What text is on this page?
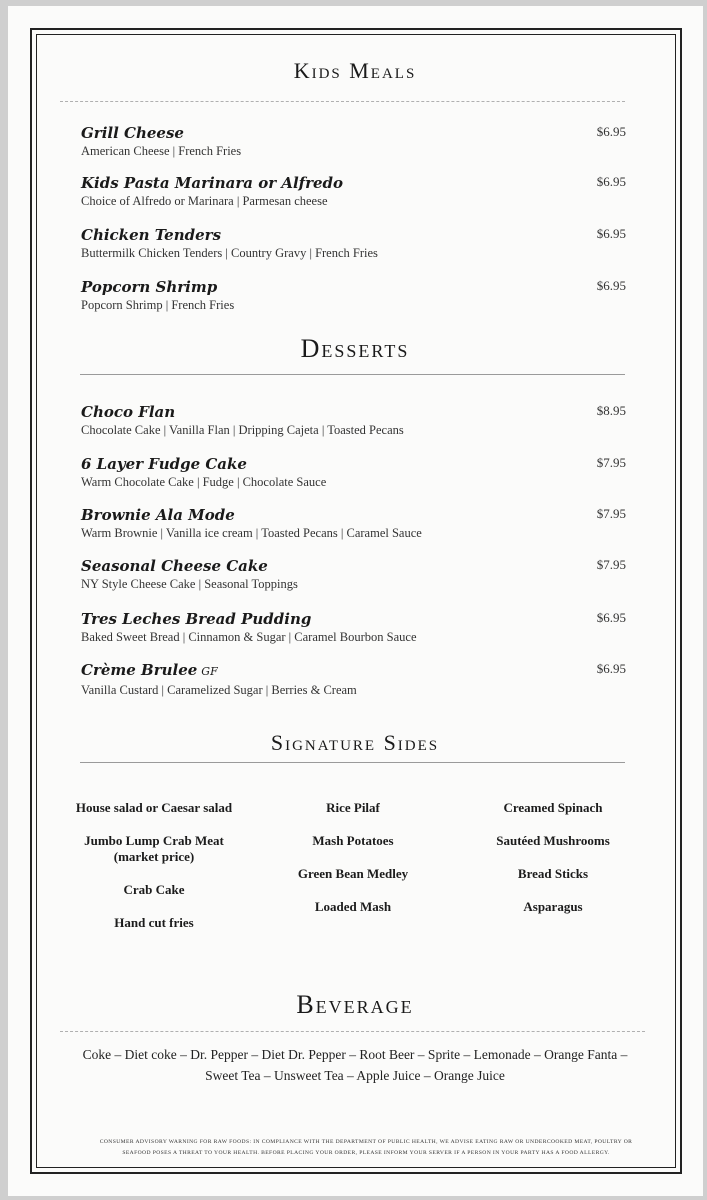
Kids Meals
Grill Cheese
American Cheese | French Fries
$6.95
Kids Pasta Marinara or Alfredo
Choice of Alfredo or Marinara | Parmesan cheese
$6.95
Chicken Tenders
Buttermilk Chicken Tenders | Country Gravy | French Fries
$6.95
Popcorn Shrimp
Popcorn Shrimp | French Fries
$6.95
Desserts
Choco Flan
Chocolate Cake | Vanilla Flan | Dripping Cajeta | Toasted Pecans
$8.95
6 Layer Fudge Cake
Warm Chocolate Cake | Fudge | Chocolate Sauce
$7.95
Brownie Ala Mode
Warm Brownie | Vanilla ice cream | Toasted Pecans | Caramel Sauce
$7.95
Seasonal Cheese Cake
NY Style Cheese Cake | Seasonal Toppings
$7.95
Tres Leches Bread Pudding
Baked Sweet Bread | Cinnamon & Sugar | Caramel Bourbon Sauce
$6.95
Crème Brulee GF
Vanilla Custard | Caramelized Sugar | Berries & Cream
$6.95
Signature Sides
House salad or Caesar salad
Jumbo Lump Crab Meat (market price)
Crab Cake
Hand cut fries
Rice Pilaf
Mash Potatoes
Green Bean Medley
Loaded Mash
Creamed Spinach
Sautéed Mushrooms
Bread Sticks
Asparagus
Beverage
Coke – Diet coke – Dr. Pepper – Diet Dr. Pepper – Root Beer – Sprite – Lemonade – Orange Fanta –
Sweet Tea – Unsweet Tea – Apple Juice – Orange Juice
CONSUMER ADVISORY WARNING FOR RAW FOODS: IN COMPLIANCE WITH THE DEPARTMENT OF PUBLIC HEALTH, WE ADVISE EATING RAW OR UNDERCOOKED MEAT, POULTRY OR
SEAFOOD POSES A THREAT TO YOUR HEALTH. BEFORE PLACING YOUR ORDER, PLEASE INFORM YOUR SERVER IF A PERSON IN YOUR PARTY HAS A FOOD ALLERGY.
